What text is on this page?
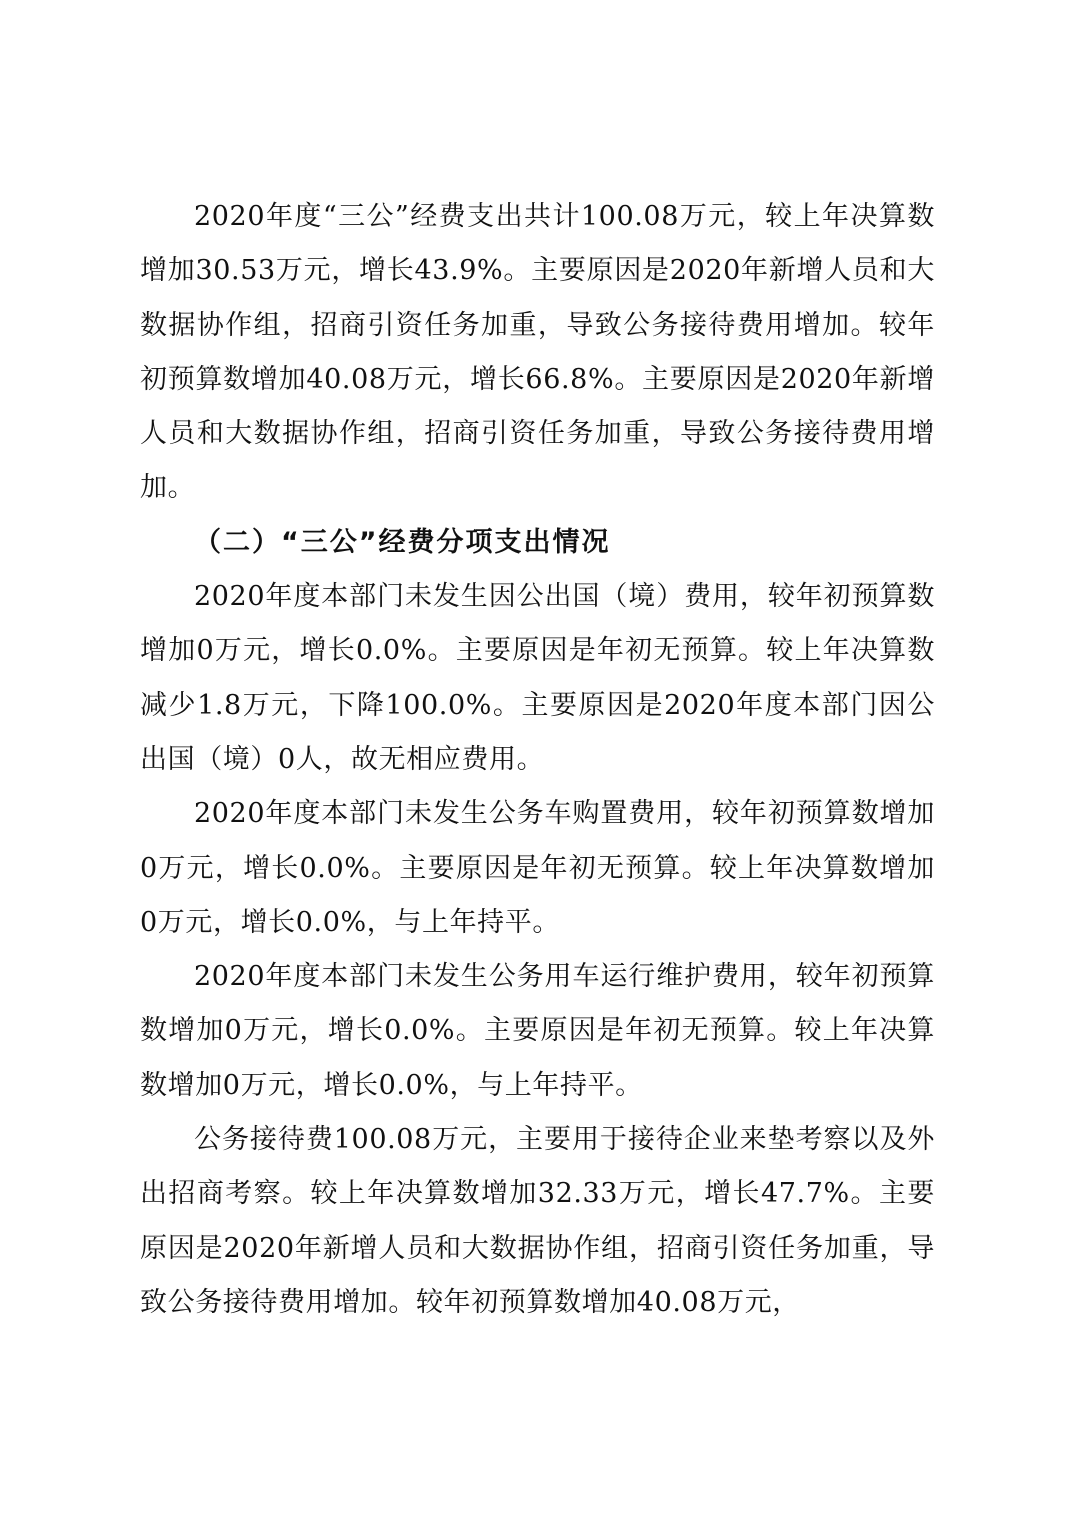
2020年度“三公”经费支出共计100.08万元，较上年决算数增加30.53万元，增长43.9%。主要原因是2020年新增人员和大数据协作组，招商引资任务加重，导致公务接待费用增加。较年初预算数增加40.08万元，增长66.8%。主要原因是2020年新增人员和大数据协作组，招商引资任务加重，导致公务接待费用增加。

（二）“三公”经费分项支出情况

2020年度本部门未发生因公出国（境）费用，较年初预算数增加0万元，增长0.0%。主要原因是年初无预算。较上年决算数减少1.8万元，下降100.0%。主要原因是2020年度本部门因公出国（境）0人，故无相应费用。

2020年度本部门未发生公务车购置费用，较年初预算数增加0万元，增长0.0%。主要原因是年初无预算。较上年决算数增加0万元，增长0.0%，与上年持平。

2020年度本部门未发生公务用车运行维护费用，较年初预算数增加0万元，增长0.0%。主要原因是年初无预算。较上年决算数增加0万元，增长0.0%，与上年持平。

公务接待费100.08万元，主要用于接待企业来垫考察以及外出招商考察。较上年决算数增加32.33万元，增长47.7%。主要原因是2020年新增人员和大数据协作组，招商引资任务加重，导致公务接待费用增加。较年初预算数增加40.08万元，
